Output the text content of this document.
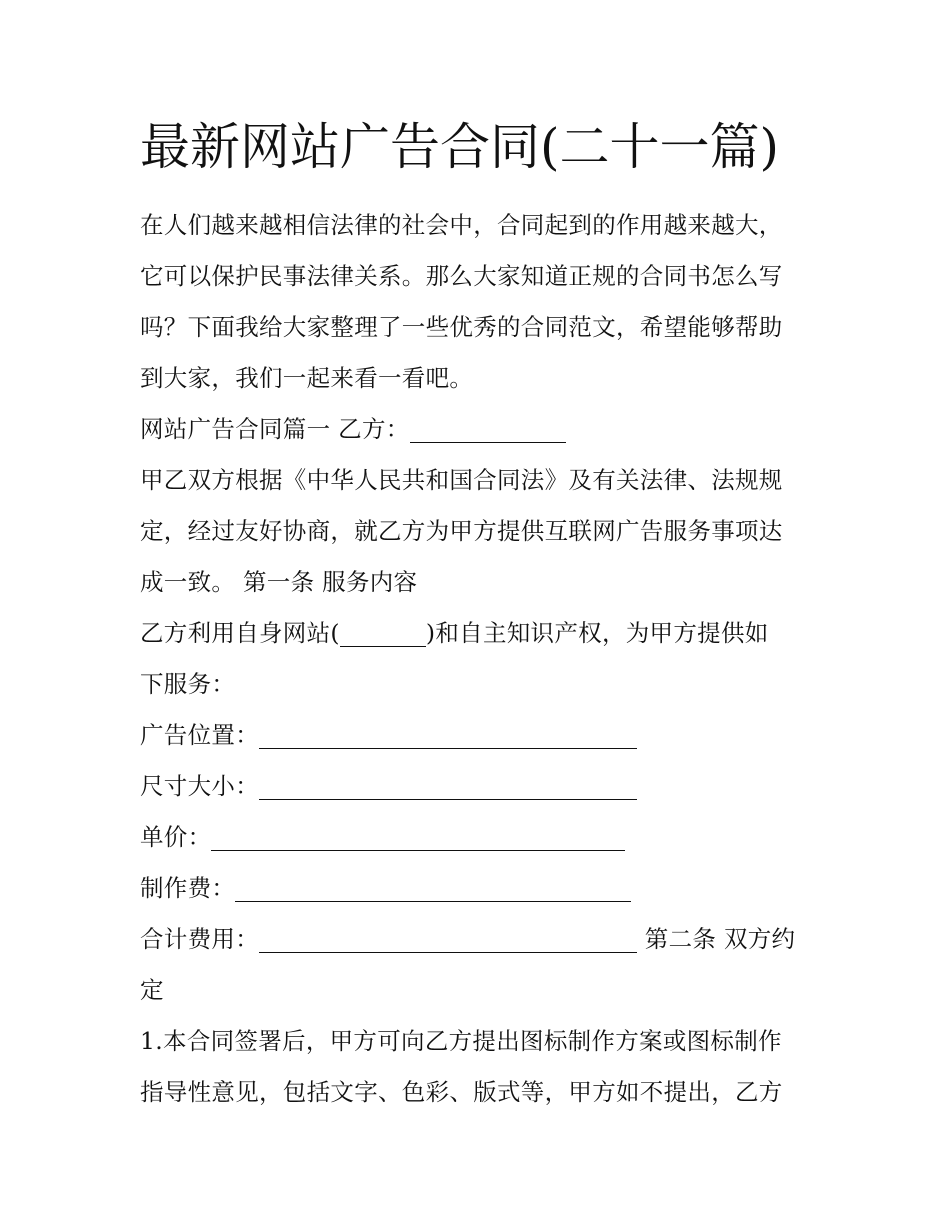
最新网站广告合同(二十一篇)
在人们越来越相信法律的社会中，合同起到的作用越来越大，
它可以保护民事法律关系。那么大家知道正规的合同书怎么写
吗？下面我给大家整理了一些优秀的合同范文，希望能够帮助
到大家，我们一起来看一看吧。
网站广告合同篇一 乙方：
甲乙双方根据《中华人民共和国合同法》及有关法律、法规规
定，经过友好协商，就乙方为甲方提供互联网广告服务事项达
成一致。 第一条 服务内容
乙方利用自身网站(	)和自主知识产权，为甲方提供如
下服务：
广告位置：
尺寸大小：
单价：
制作费：
合计费用：	第二条 双方约
定
1.本合同签署后，甲方可向乙方提出图标制作方案或图标制作
指导性意见，包括文字、色彩、版式等，甲方如不提出，乙方
